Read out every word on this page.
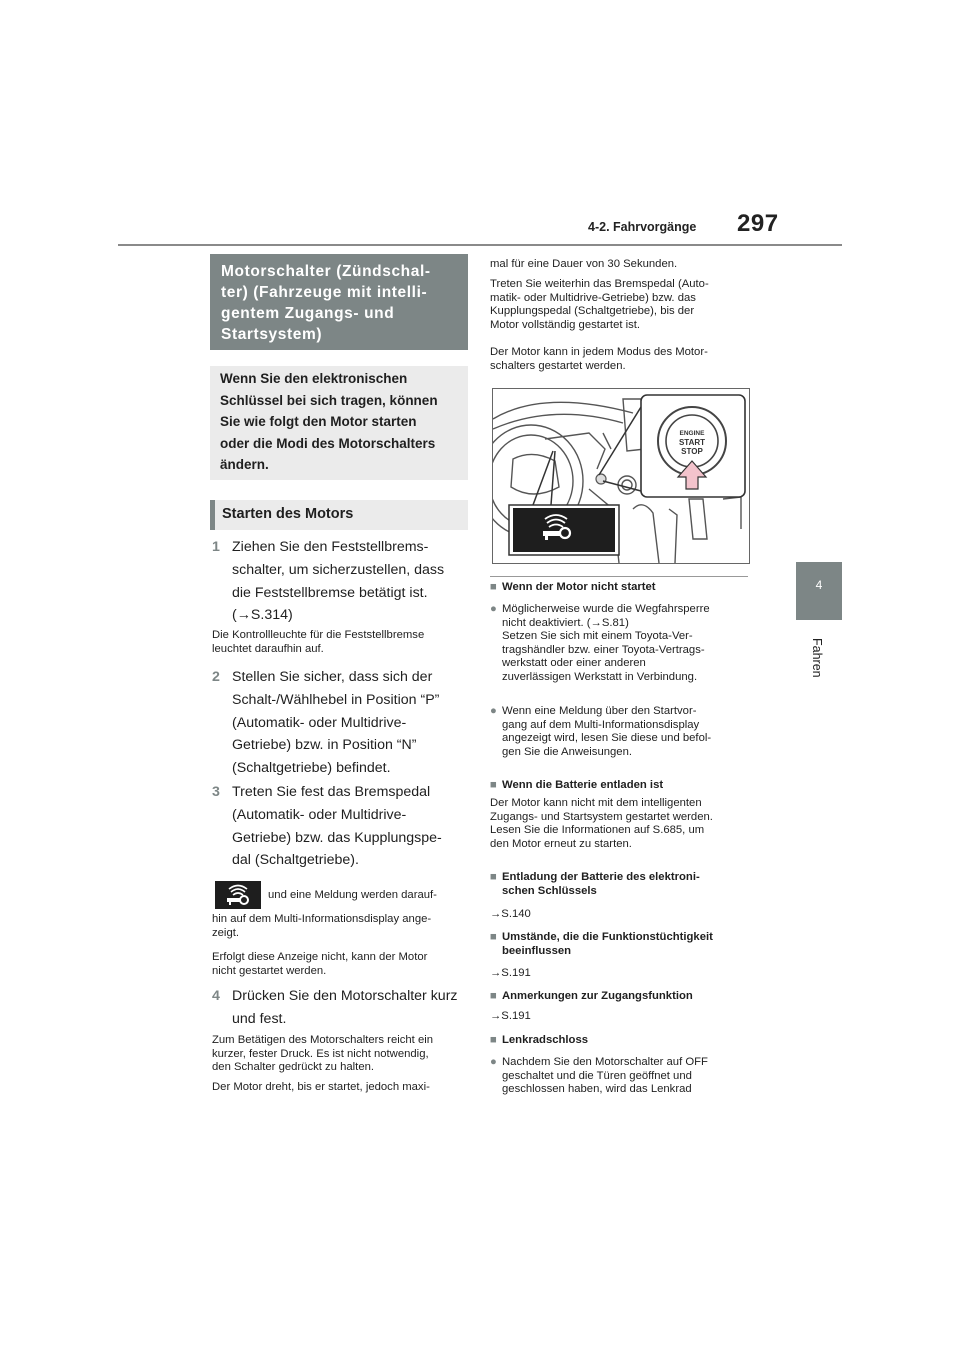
4-2. Fahrvorgänge 297
4
Fahren
Motorschalter (Zündschal-
ter) (Fahrzeuge mit intelli-
gentem Zugangs- und
Startsystem)
Wenn Sie den elektronischen
Schlüssel bei sich tragen, können
Sie wie folgt den Motor starten
oder die Modi des Motorschalters
ändern.
Starten des Motors
1 Ziehen Sie den Feststellbrems-
schalter, um sicherzustellen, dass
die Feststellbremse betätigt ist.
(→S.314)
Die Kontrollleuchte für die Feststellbremse
leuchtet daraufhin auf.
2 Stellen Sie sicher, dass sich der
Schalt-/Wählhebel in Position “P”
(Automatik- oder Multidrive-
Getriebe) bzw. in Position “N”
(Schaltgetriebe) befindet.
3 Treten Sie fest das Bremspedal
(Automatik- oder Multidrive-
Getriebe) bzw. das Kupplungspe-
dal (Schaltgetriebe).
und eine Meldung werden darauf-
hin auf dem Multi-Informationsdisplay ange-
zeigt.
Erfolgt diese Anzeige nicht, kann der Motor
nicht gestartet werden.
4 Drücken Sie den Motorschalter kurz
und fest.
Zum Betätigen des Motorschalters reicht ein
kurzer, fester Druck. Es ist nicht notwendig,
den Schalter gedrückt zu halten.
Der Motor dreht, bis er startet, jedoch maxi-
mal für eine Dauer von 30 Sekunden.
Treten Sie weiterhin das Bremspedal (Auto-
matik- oder Multidrive-Getriebe) bzw. das
Kupplungspedal (Schaltgetriebe), bis der
Motor vollständig gestartet ist.
Der Motor kann in jedem Modus des Motor-
schalters gestartet werden.
ENGINE
START
STOP
■ Wenn der Motor nicht startet
● Möglicherweise wurde die Wegfahrsperre
nicht deaktiviert. (→S.81)
Setzen Sie sich mit einem Toyota-Ver-
tragshändler bzw. einer Toyota-Vertrags-
werkstatt oder einer anderen
zuverlässigen Werkstatt in Verbindung.
● Wenn eine Meldung über den Startvor-
gang auf dem Multi-Informationsdisplay
angezeigt wird, lesen Sie diese und befol-
gen Sie die Anweisungen.
■ Wenn die Batterie entladen ist
Der Motor kann nicht mit dem intelligenten
Zugangs- und Startsystem gestartet werden.
Lesen Sie die Informationen auf S.685, um
den Motor erneut zu starten.
■ Entladung der Batterie des elektroni-
schen Schlüssels
→S.140
■ Umstände, die die Funktionstüchtigkeit
beeinflussen
→S.191
■ Anmerkungen zur Zugangsfunktion
→S.191
■ Lenkradschloss
● Nachdem Sie den Motorschalter auf OFF
geschaltet und die Türen geöffnet und
geschlossen haben, wird das Lenkrad
